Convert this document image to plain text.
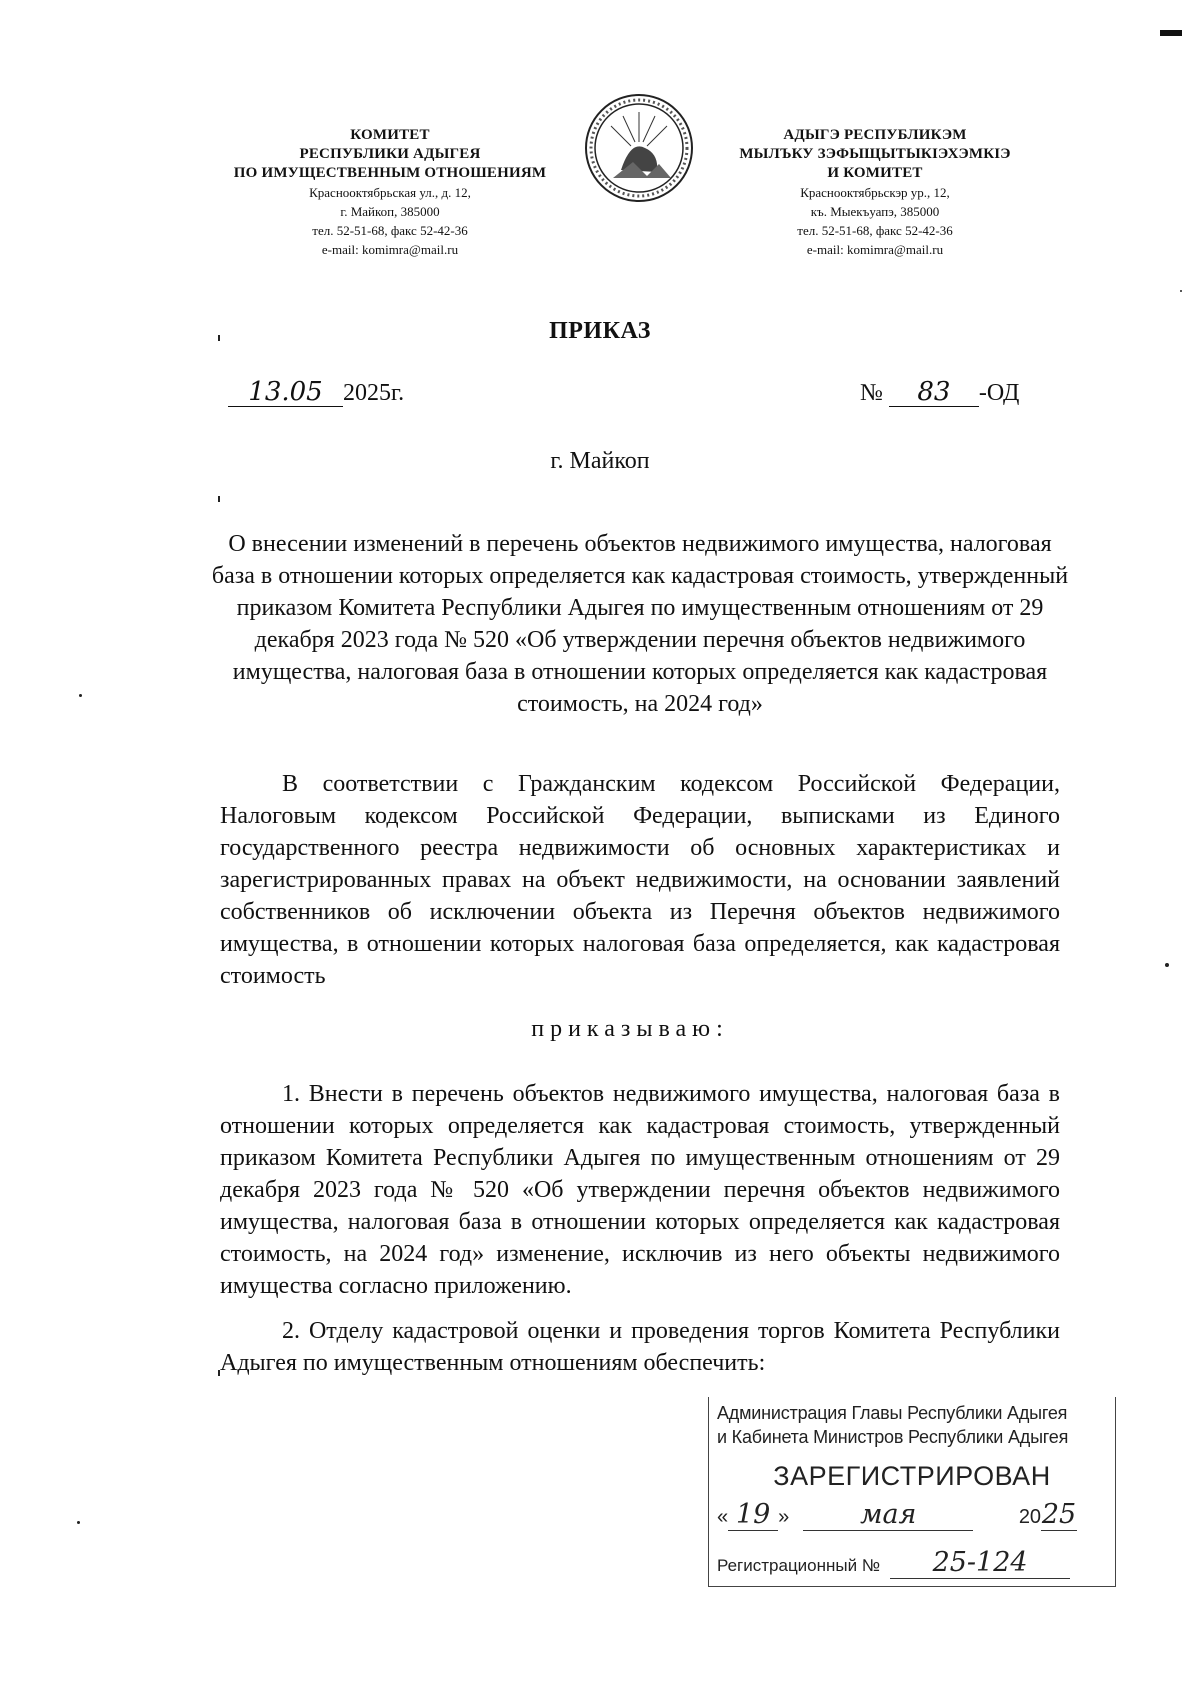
КОМИТЕТ
РЕСПУБЛИКИ АДЫГЕЯ
ПО ИМУЩЕСТВЕННЫМ ОТНОШЕНИЯМ
Краснооктябрьская ул., д. 12,
г. Майкоп, 385000
тел. 52-51-68, факс 52-42-36
e-mail: komimra@mail.ru
АДЫГЭ РЕСПУБЛИКЭМ
МЫЛЪКУ ЗЭФЫЩЫТЫКIЭХЭМКIЭ
И КОМИТЕТ
Краснооктябрьскэр ур., 12,
къ. Мыекъуапэ, 385000
тел. 52-51-68, факс 52-42-36
e-mail: komimra@mail.ru
ПРИКАЗ
13.05 2025г.	№ 83 -ОД
г. Майкоп
О внесении изменений в перечень объектов недвижимого имущества, налоговая база в отношении которых определяется как кадастровая стоимость, утвержденный приказом Комитета Республики Адыгея по имущественным отношениям от 29 декабря 2023 года № 520 «Об утверждении перечня объектов недвижимого имущества, налоговая база в отношении которых определяется как кадастровая стоимость, на 2024 год»
В соответствии с Гражданским кодексом Российской Федерации, Налоговым кодексом Российской Федерации, выписками из Единого государственного реестра недвижимости об основных характеристиках и зарегистрированных правах на объект недвижимости, на основании заявлений собственников об исключении объекта из Перечня объектов недвижимого имущества, в отношении которых налоговая база определяется, как кадастровая стоимость
приказываю:
1. Внести в перечень объектов недвижимого имущества, налоговая база в отношении которых определяется как кадастровая стоимость, утвержденный приказом Комитета Республики Адыгея по имущественным отношениям от 29 декабря 2023 года № 520 «Об утверждении перечня объектов недвижимого имущества, налоговая база в отношении которых определяется как кадастровая стоимость, на 2024 год» изменение, исключив из него объекты недвижимого имущества согласно приложению.
2. Отделу кадастровой оценки и проведения торгов Комитета Республики Адыгея по имущественным отношениям обеспечить:
Администрация Главы Республики Адыгея
и Кабинета Министров Республики Адыгея
ЗАРЕГИСТРИРОВАН
« 19 »	мая	2025
Регистрационный № 25-124
